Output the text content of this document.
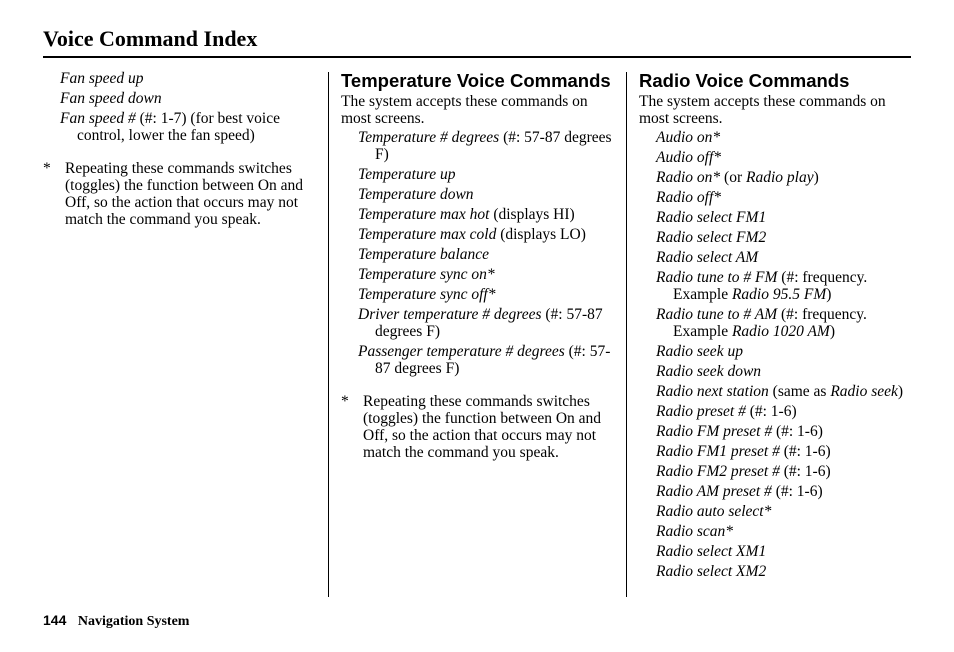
Voice Command Index
Fan speed up
Fan speed down
Fan speed # (#: 1-7) (for best voice control, lower the fan speed)
* Repeating these commands switches (toggles) the function between On and Off, so the action that occurs may not match the command you speak.
Temperature Voice Commands
The system accepts these commands on most screens.
Temperature # degrees (#: 57-87 degrees F)
Temperature up
Temperature down
Temperature max hot (displays HI)
Temperature max cold (displays LO)
Temperature balance
Temperature sync on*
Temperature sync off*
Driver temperature # degrees (#: 57-87 degrees F)
Passenger temperature # degrees (#: 57-87 degrees F)
* Repeating these commands switches (toggles) the function between On and Off, so the action that occurs may not match the command you speak.
Radio Voice Commands
The system accepts these commands on most screens.
Audio on*
Audio off*
Radio on* (or Radio play)
Radio off*
Radio select FM1
Radio select FM2
Radio select AM
Radio tune to # FM (#: frequency. Example Radio 95.5 FM)
Radio tune to # AM (#: frequency. Example Radio 1020 AM)
Radio seek up
Radio seek down
Radio next station (same as Radio seek)
Radio preset # (#: 1-6)
Radio FM preset # (#: 1-6)
Radio FM1 preset # (#: 1-6)
Radio FM2 preset # (#: 1-6)
Radio AM preset # (#: 1-6)
Radio auto select*
Radio scan*
Radio select XM1
Radio select XM2
144 Navigation System
